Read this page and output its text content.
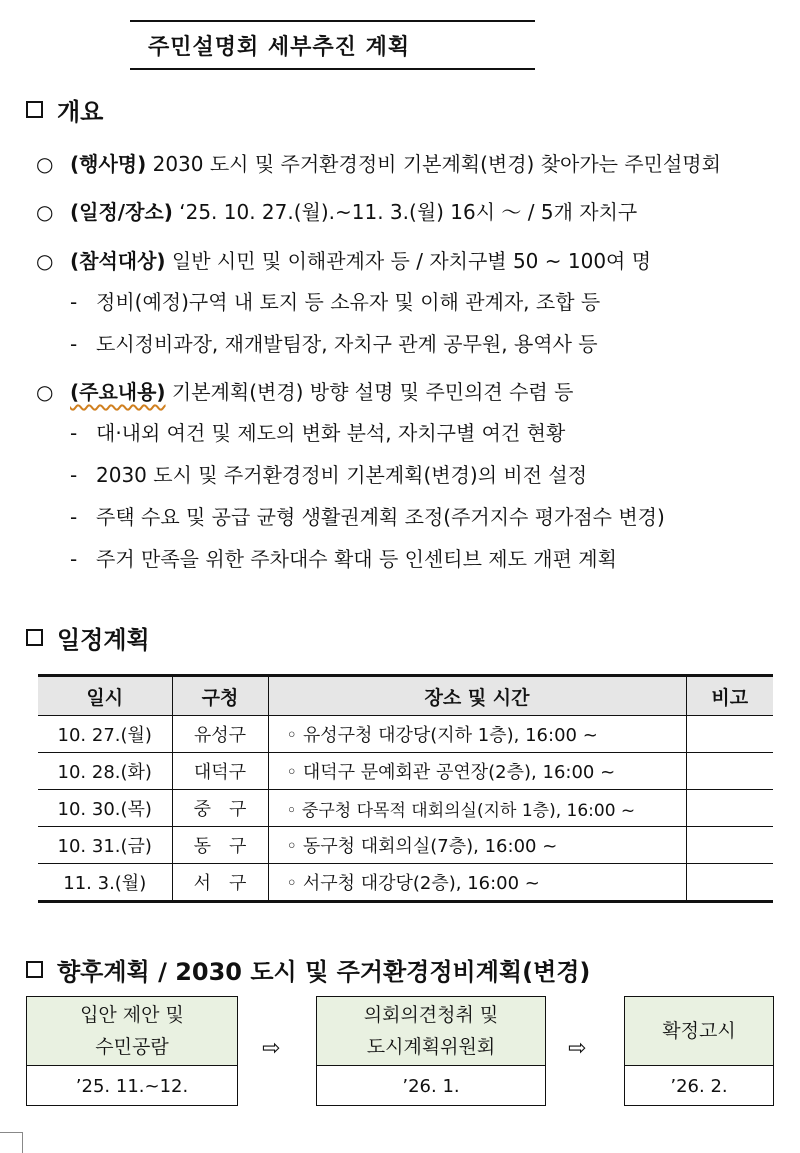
주민설명회 세부추진 계획
개요
○ (행사명) 2030 도시 및 주거환경정비 기본계획(변경) 찾아가는 주민설명회
○ (일정/장소) ‘25. 10. 27.(월).~11. 3.(월) 16시 ～ / 5개 자치구
○ (참석대상) 일반 시민 및 이해관계자 등 / 자치구별 50 ~ 100여 명
- 정비(예정)구역 내 토지 등 소유자 및 이해 관계자, 조합 등
- 도시정비과장, 재개발팀장, 자치구 관계 공무원, 용역사 등
○ (주요내용) 기본계획(변경) 방향 설명 및 주민의견 수렴 등
- 대·내외 여건 및 제도의 변화 분석, 자치구별 여건 현황
- 2030 도시 및 주거환경정비 기본계획(변경)의 비전 설정
- 주택 수요 및 공급 균형 생활권계획 조정(주거지수 평가점수 변경)
- 주거 만족을 위한 주차대수 확대 등 인센티브 제도 개편 계획
일정계획
일시	구청	장소 및 시간	비고
10. 27.(월)	유성구	◦ 유성구청 대강당(지하 1층), 16:00 ~	
10. 28.(화)	대덕구	◦ 대덕구 문예회관 공연장(2층), 16:00 ~	
10. 30.(목)	중　구	◦ 중구청 다목적 대회의실(지하 1층), 16:00 ~	
10. 31.(금)	동　구	◦ 동구청 대회의실(7층), 16:00 ~	
11. 3.(월)	서　구	◦ 서구청 대강당(2층), 16:00 ~	
향후계획 / 2030 도시 및 주거환경정비계획(변경)
입안 제안 및
수민공람
’25. 11.~12.
⇨
의회의견청취 및
도시계획위원회
’26. 1.
⇨
확정고시
’26. 2.
